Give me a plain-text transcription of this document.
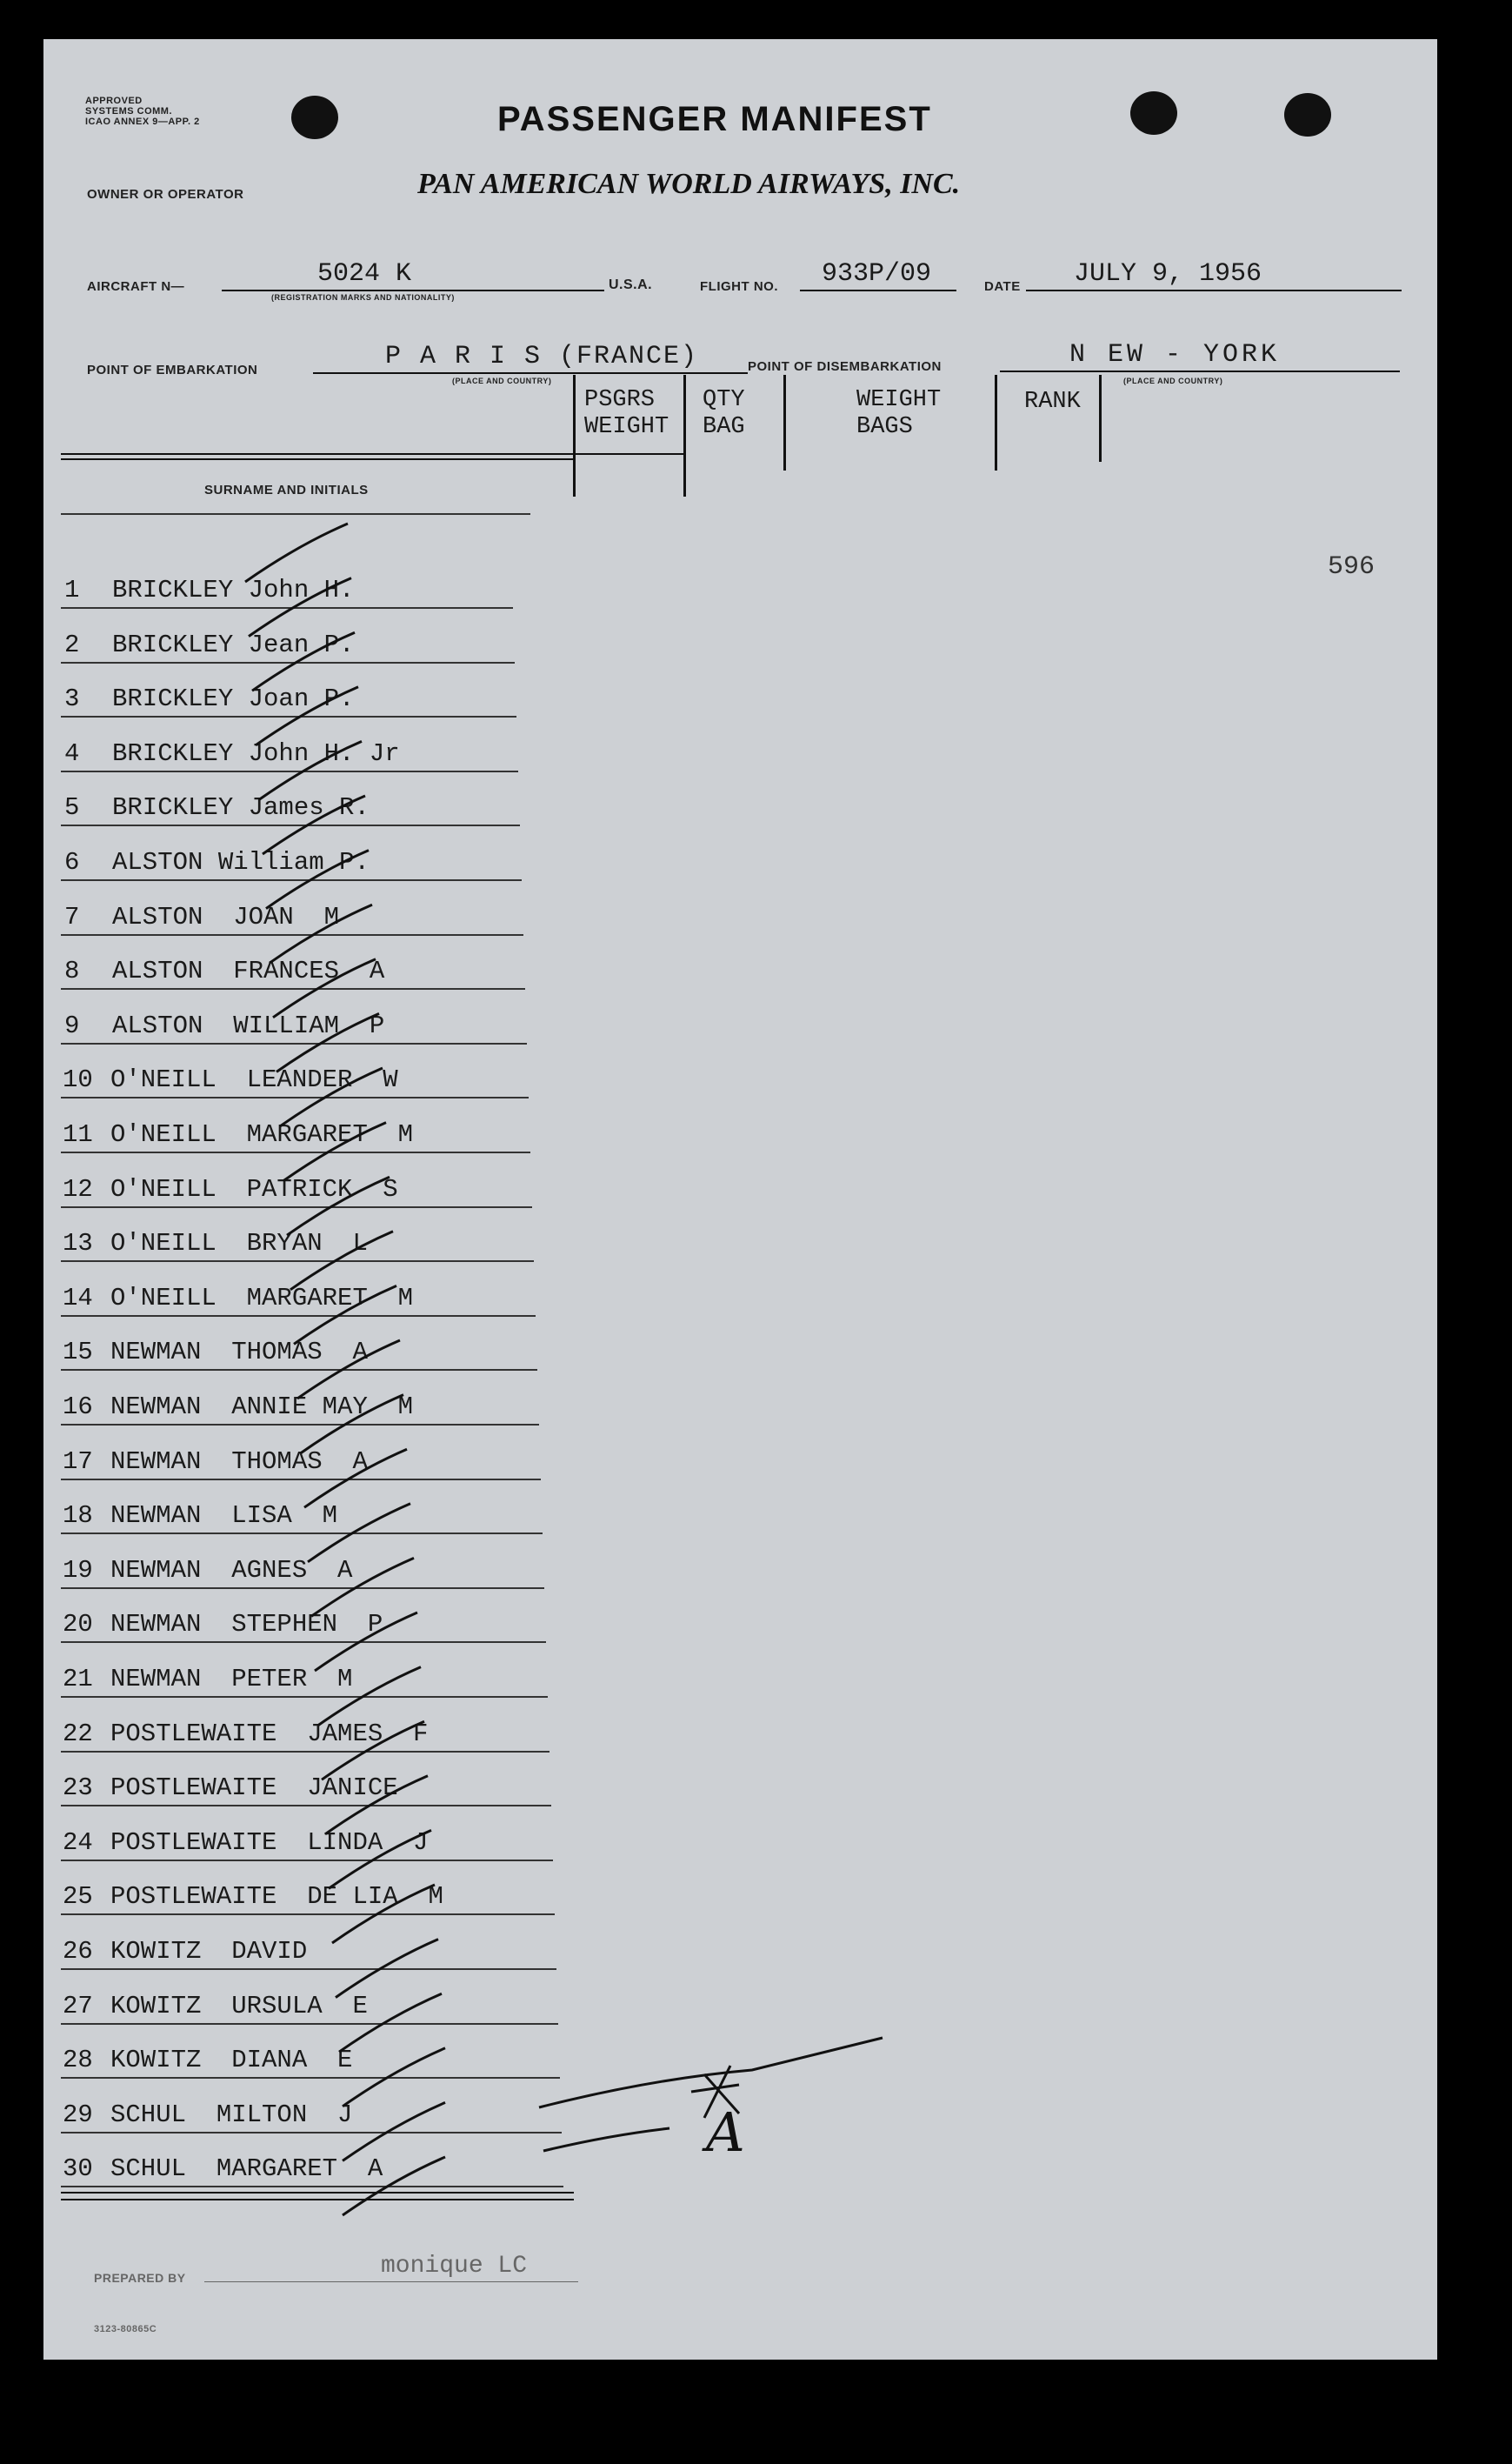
APPROVED
SYSTEMS COMM.
ICAO ANNEX 9—APP. 2	PASSENGER MANIFEST
OWNER OR OPERATOR	PAN AMERICAN WORLD AIRWAYS, INC.
AIRCRAFT N—	5024 K
(REGISTRATION MARKS AND NATIONALITY)
U.S.A.	FLIGHT NO. 933P/09	DATE JULY 9, 1956
POINT OF EMBARKATION	P A R I S (FRANCE)
(PLACE AND COUNTRY)
POINT OF DISEMBARKATION	N EW - YORK
(PLACE AND COUNTRY)
PSGRS
WEIGHT
QTY
BAG
WEIGHT
BAGS
RANK
SURNAME AND INITIALS
596
1 BRICKLEY John H.
2 BRICKLEY Jean P.
3 BRICKLEY Joan P.
4 BRICKLEY John H. Jr
5 BRICKLEY James R.
6 ALSTON William P.
7 ALSTON  JOAN  M
8 ALSTON  FRANCES  A
9 ALSTON  WILLIAM  P
10 O'NEILL  LEANDER  W
11 O'NEILL  MARGARET  M
12 O'NEILL  PATRICK  S
13 O'NEILL  BRYAN  L
14 O'NEILL  MARGARET  M
15 NEWMAN  THOMAS  A
16 NEWMAN  ANNIE MAY  M
17 NEWMAN  THOMAS  A
18 NEWMAN  LISA  M
19 NEWMAN  AGNES  A
20 NEWMAN  STEPHEN  P
21 NEWMAN  PETER  M
22 POSTLEWAITE  JAMES  F
23 POSTLEWAITE  JANICE
24 POSTLEWAITE  LINDA  J
25 POSTLEWAITE  DE LIA  M
26 KOWITZ  DAVID
27 KOWITZ  URSULA  E
28 KOWITZ  DIANA  E
29 SCHUL  MILTON  J
30 SCHUL  MARGARET  A
A
PREPARED BY	monique LC
3123-80865C
